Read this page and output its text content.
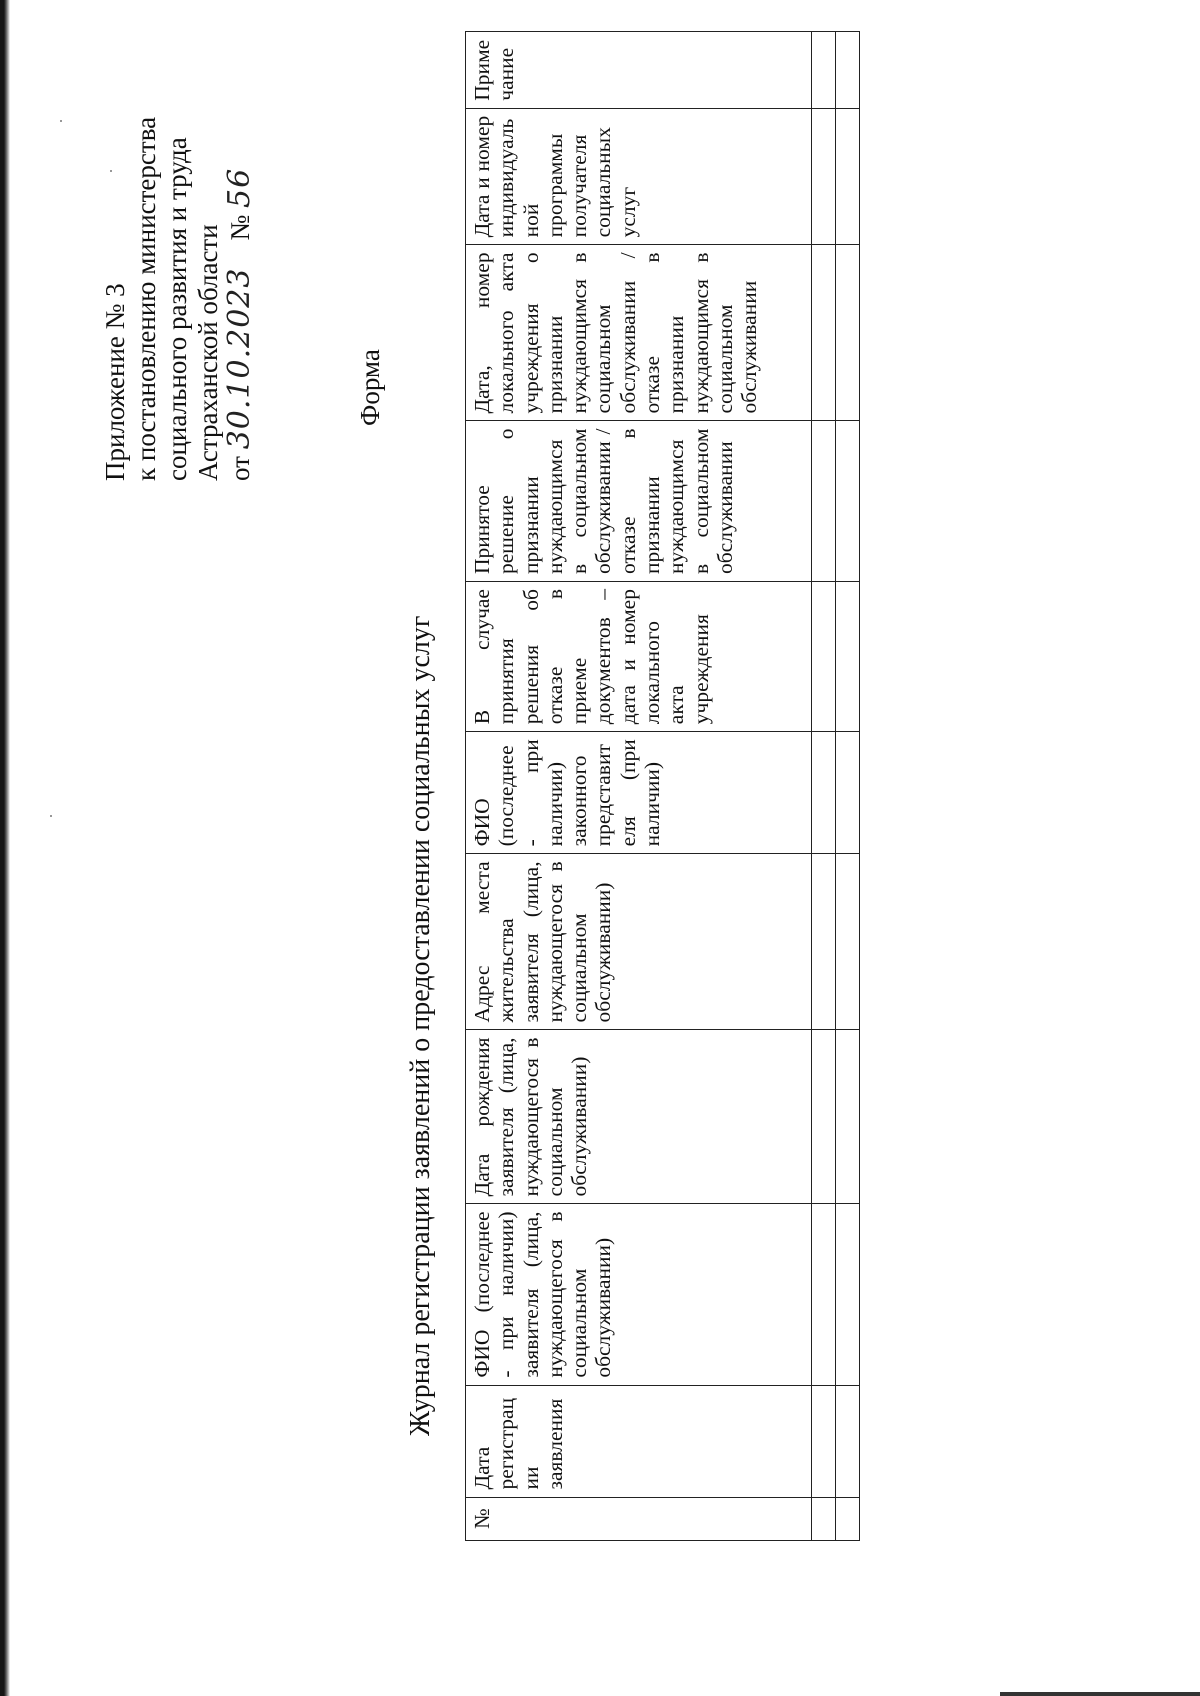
Приложение № 3 к постановлению министерства социального развития и труда Астраханской области от 30.10.2023    № 56
Форма
Журнал регистрации заявлений о предоставлении социальных услуг
№	Дата регистрации заявления	ФИО (последнее - при наличии) заявителя (лица, нуждающегося в социальном обслуживании)	Дата рождения заявителя (лица, нуждающегося в социальном обслуживании)	Адрес места жительства заявителя (лица, нуждающегося в социальном обслуживании)	ФИО (последнее - при наличии) законного представителя (при наличии)	В случае принятия решения об отказе в приеме документов – дата и номер локального акта учреждения	Принятое решение о признании нуждающимся в социальном обслуживании /отказе в признании нуждающимся в социальном обслуживании	Дата, номер локального акта учреждения о признании нуждающимся в социальном обслуживании /отказе в признании нуждающимся в социальном обслуживании	Дата и номер индивидуальной программы получателя социальных услуг	Примечание
